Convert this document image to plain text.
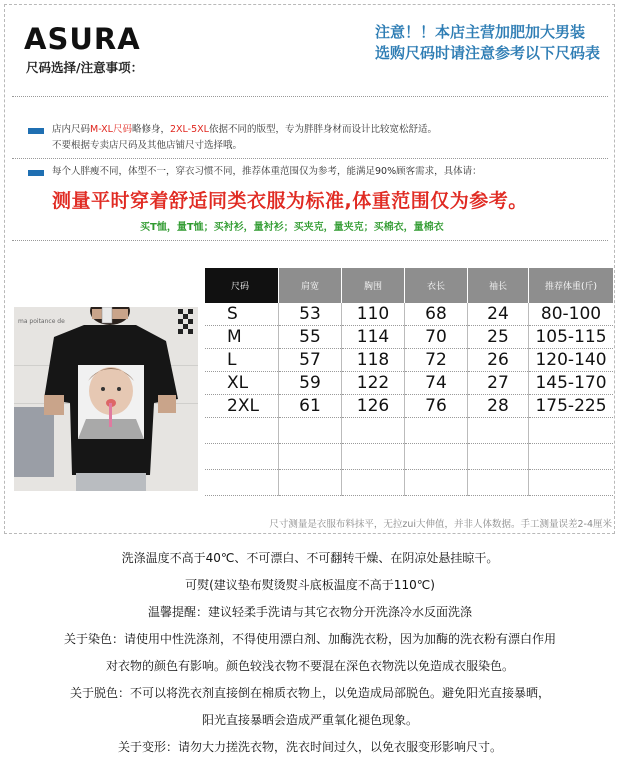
ASURA
尺码选择/注意事项：
注意！！本店主营加肥加大男装
选购尺码时请注意参考以下尺码表
店内尺码M-XL尺码略修身，2XL-5XL依据不同的版型，专为胖胖身材而设计比较宽松舒适。
不要根据专卖店尺码及其他店铺尺寸选择哦。
每个人胖瘦不同，体型不一，穿衣习惯不同，推荐体重范围仅为参考，能满足90%顾客需求，具体请：
测量平时穿着舒适同类衣服为标准,体重范围仅为参考。
买T恤，量T恤；买衬衫，量衬衫；买夹克，量夹克；买棉衣，量棉衣
ma poitance de
尺码	肩宽	胸围	衣长	袖长	推荐体重(斤)
S	53	110	68	24	80-100
M	55	114	70	25	105-115
L	57	118	72	26	120-140
XL	59	122	74	27	145-170
2XL	61	126	76	28	175-225

尺寸测量是衣服布料抹平，无拉zui大伸值，并非人体数据。手工测量误差2-4厘米
洗涤温度不高于40℃、不可漂白、不可翻转干燥、在阴凉处悬挂晾干。
可熨(建议垫布熨烫熨斗底板温度不高于110℃)
温馨提醒：建议轻柔手洗请与其它衣物分开洗涤冷水反面洗涤
关于染色：请使用中性洗涤剂，不得使用漂白剂、加酶洗衣粉，因为加酶的洗衣粉有漂白作用
对衣物的颜色有影响。颜色较浅衣物不要混在深色衣物洗以免造成衣服染色。
关于脱色：不可以将洗衣剂直接倒在棉质衣物上，以免造成局部脱色。避免阳光直接暴晒，
阳光直接暴晒会造成严重氧化褪色现象。
关于变形：请勿大力搓洗衣物，洗衣时间过久，以免衣服变形影响尺寸。
